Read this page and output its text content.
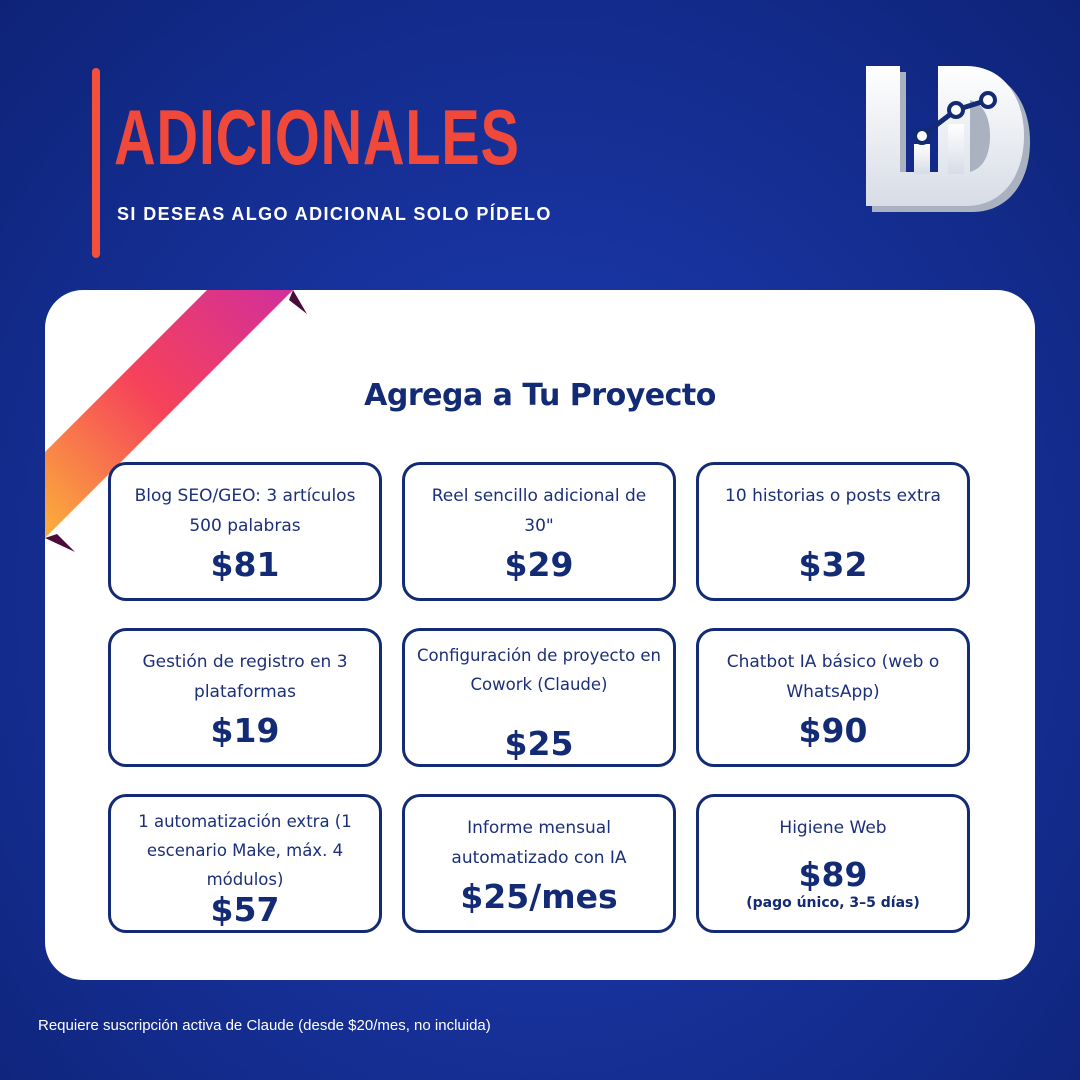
ADICIONALES

SI DESEAS ALGO ADICIONAL SOLO PÍDELO

Agrega a Tu Proyecto
Blog SEO/GEO: 3 artículos 500 palabras
$81
Reel sencillo adicional de 30"
$29
10 historias o posts extra
$32
Gestión de registro en 3 plataformas
$19
Configuración de proyecto en Cowork (Claude)
$25
Chatbot IA básico (web o WhatsApp)
$90
1 automatización extra (1 escenario Make, máx. 4 módulos)
$57
Informe mensual automatizado con IA
$25/mes
Higiene Web
$89
(pago único, 3–5 días)

Requiere suscripción activa de Claude (desde $20/mes, no incluida)
